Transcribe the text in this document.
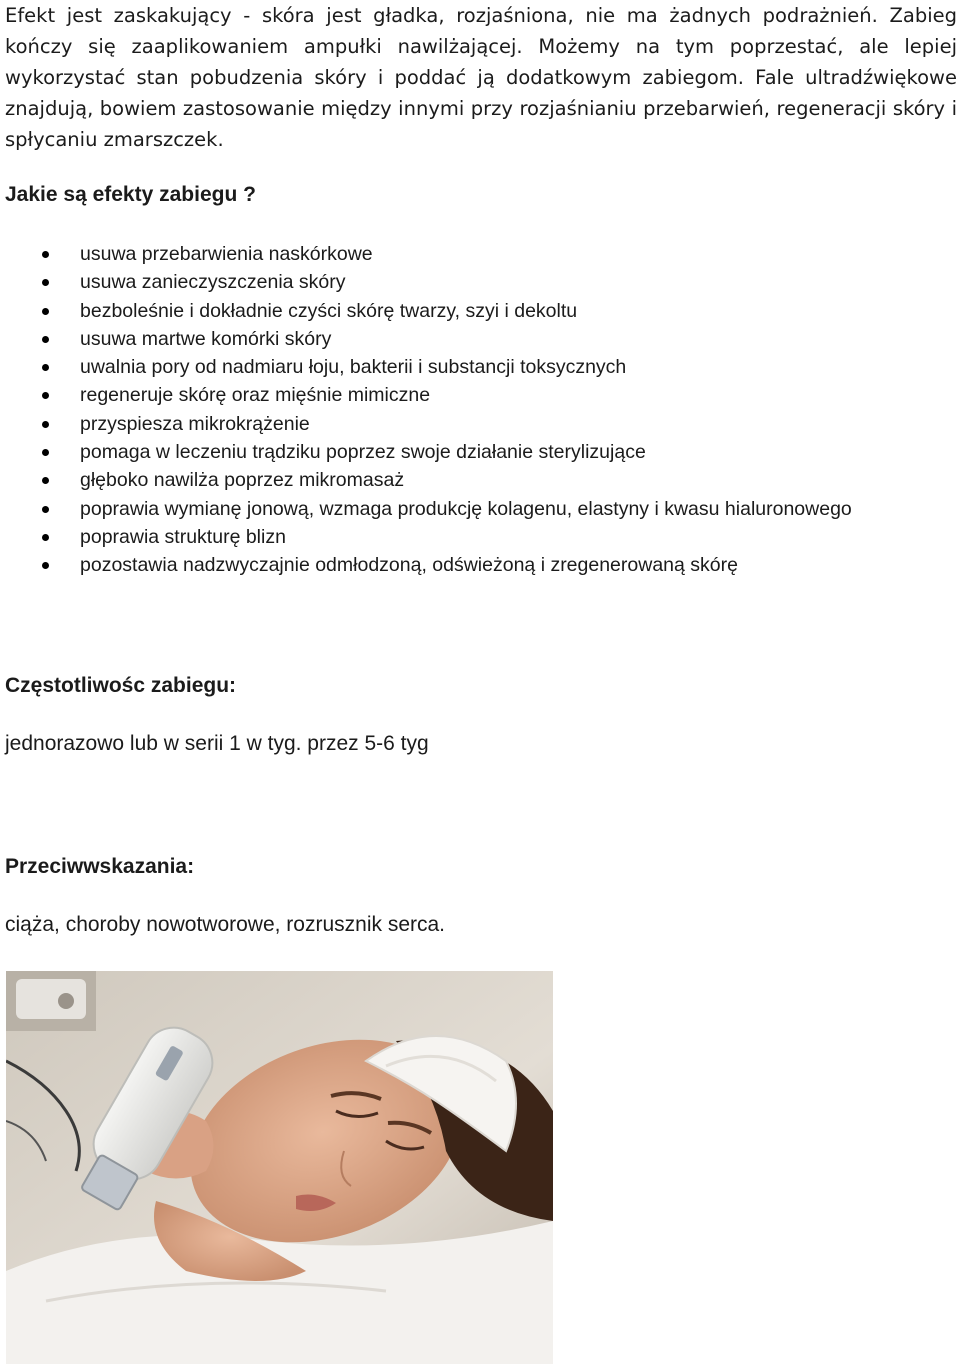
Efekt jest zaskakujący - skóra jest gładka, rozjaśniona, nie ma żadnych podrażnień. Zabieg kończy się zaaplikowaniem ampułki nawilżającej. Możemy na tym poprzestać, ale lepiej wykorzystać stan pobudzenia skóry i poddać ją dodatkowym zabiegom. Fale ultradźwiękowe znajdują, bowiem zastosowanie między innymi przy rozjaśnianiu przebarwień, regeneracji skóry i spłycaniu zmarszczek.

Jakie są efekty zabiegu ?
usuwa przebarwienia naskórkowe
usuwa zanieczyszczenia skóry
bezboleśnie i dokładnie czyści skórę twarzy, szyi i dekoltu
usuwa martwe komórki skóry
uwalnia pory od nadmiaru łoju, bakterii i substancji toksycznych
regeneruje skórę oraz mięśnie mimiczne
przyspiesza mikrokrążenie
pomaga w leczeniu trądziku poprzez swoje działanie sterylizujące
głęboko nawilża poprzez mikromasaż
poprawia wymianę jonową, wzmaga produkcję kolagenu, elastyny i kwasu hialuronowego
poprawia strukturę blizn
pozostawia nadzwyczajnie odmłodzoną, odświeżoną i zregenerowaną skórę
Częstotliwośc zabiegu:

jednorazowo lub w serii 1 w tyg. przez 5-6 tyg

Przeciwwskazania:

ciąża, choroby nowotworowe, rozrusznik serca.
